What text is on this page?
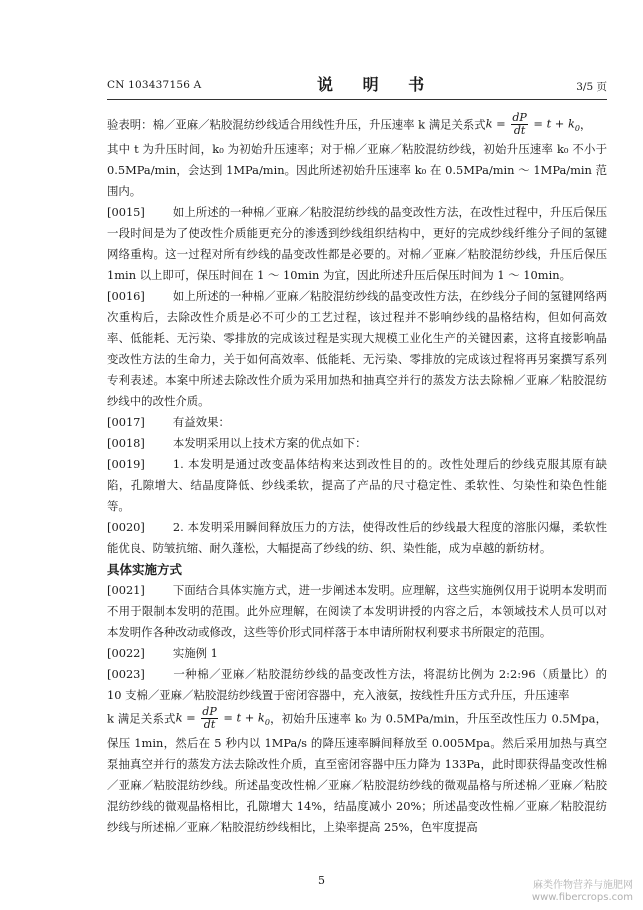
CN 103437156 A	说 明 书	3/5 页

验表明：棉／亚麻／粘胶混纺纱线适合用线性升压，升压速率 k 满足关系式$k = \frac{dP}{dt} = t + k_0$，

其中 t 为升压时间，k₀ 为初始升压速率；对于棉／亚麻／粘胶混纺纱线，初始升压速率 k₀ 不小于 0.5MPa/min，会达到 1MPa/min。因此所述初始升压速率 k₀ 在 0.5MPa/min ～ 1MPa/min 范围内。

[0015] 如上所述的一种棉／亚麻／粘胶混纺纱线的晶变改性方法，在改性过程中，升压后保压一段时间是为了使改性介质能更充分的渗透到纱线组织结构中，更好的完成纱线纤维分子间的氢键网络重构。这一过程对所有纱线的晶变改性都是必要的。对棉／亚麻／粘胶混纺纱线，升压后保压 1min 以上即可，保压时间在 1 ～ 10min 为宜，因此所述升压后保压时间为 1 ～ 10min。

[0016] 如上所述的一种棉／亚麻／粘胶混纺纱线的晶变改性方法，在纱线分子间的氢键网络两次重构后，去除改性介质是必不可少的工艺过程，该过程并不影响纱线的晶格结构，但如何高效率、低能耗、无污染、零排放的完成该过程是实现大规模工业化生产的关键因素，这将直接影响晶变改性方法的生命力，关于如何高效率、低能耗、无污染、零排放的完成该过程将再另案撰写系列专利表述。本案中所述去除改性介质为采用加热和抽真空并行的蒸发方法去除棉／亚麻／粘胶混纺纱线中的改性介质。

[0017] 有益效果：

[0018] 本发明采用以上技术方案的优点如下：

[0019] 1. 本发明是通过改变晶体结构来达到改性目的的。改性处理后的纱线克服其原有缺陷，孔隙增大、结晶度降低、纱线柔软，提高了产品的尺寸稳定性、柔软性、匀染性和染色性能等。

[0020] 2. 本发明采用瞬间释放压力的方法，使得改性后的纱线最大程度的溶胀闪爆，柔软性能优良、防皱抗缩、耐久蓬松，大幅提高了纱线的纺、织、染性能，成为卓越的新纺材。

具体实施方式

[0021] 下面结合具体实施方式，进一步阐述本发明。应理解，这些实施例仅用于说明本发明而不用于限制本发明的范围。此外应理解，在阅读了本发明讲授的内容之后，本领域技术人员可以对本发明作各种改动或修改，这些等价形式同样落于本申请所附权利要求书所限定的范围。

[0022] 实施例 1

[0023] 一种棉／亚麻／粘胶混纺纱线的晶变改性方法，将混纺比例为 2:2:96（质量比）的 10 支棉／亚麻／粘胶混纺纱线置于密闭容器中，充入液氨，按线性升压方式升压，升压速率

k 满足关系式$k = \frac{dP}{dt} = t + k_0$，初始升压速率 k₀ 为 0.5MPa/min，升压至改性压力 0.5Mpa，保压 1min，然后在 5 秒内以 1MPa/s 的降压速率瞬间释放至 0.005Mpa。然后采用加热与真空泵抽真空并行的蒸发方法去除改性介质，直至密闭容器中压力降为 133Pa，此时即获得晶变改性棉／亚麻／粘胶混纺纱线。所述晶变改性棉／亚麻／粘胶混纺纱线的微观晶格与所述棉／亚麻／粘胶混纺纱线的微观晶格相比，孔隙增大 14%，结晶度减小 20%；所述晶变改性棉／亚麻／粘胶混纺纱线与所述棉／亚麻／粘胶混纺纱线相比，上染率提高 25%，色牢度提高

5	麻类作物营养与施肥网
www.fibercrops.com
